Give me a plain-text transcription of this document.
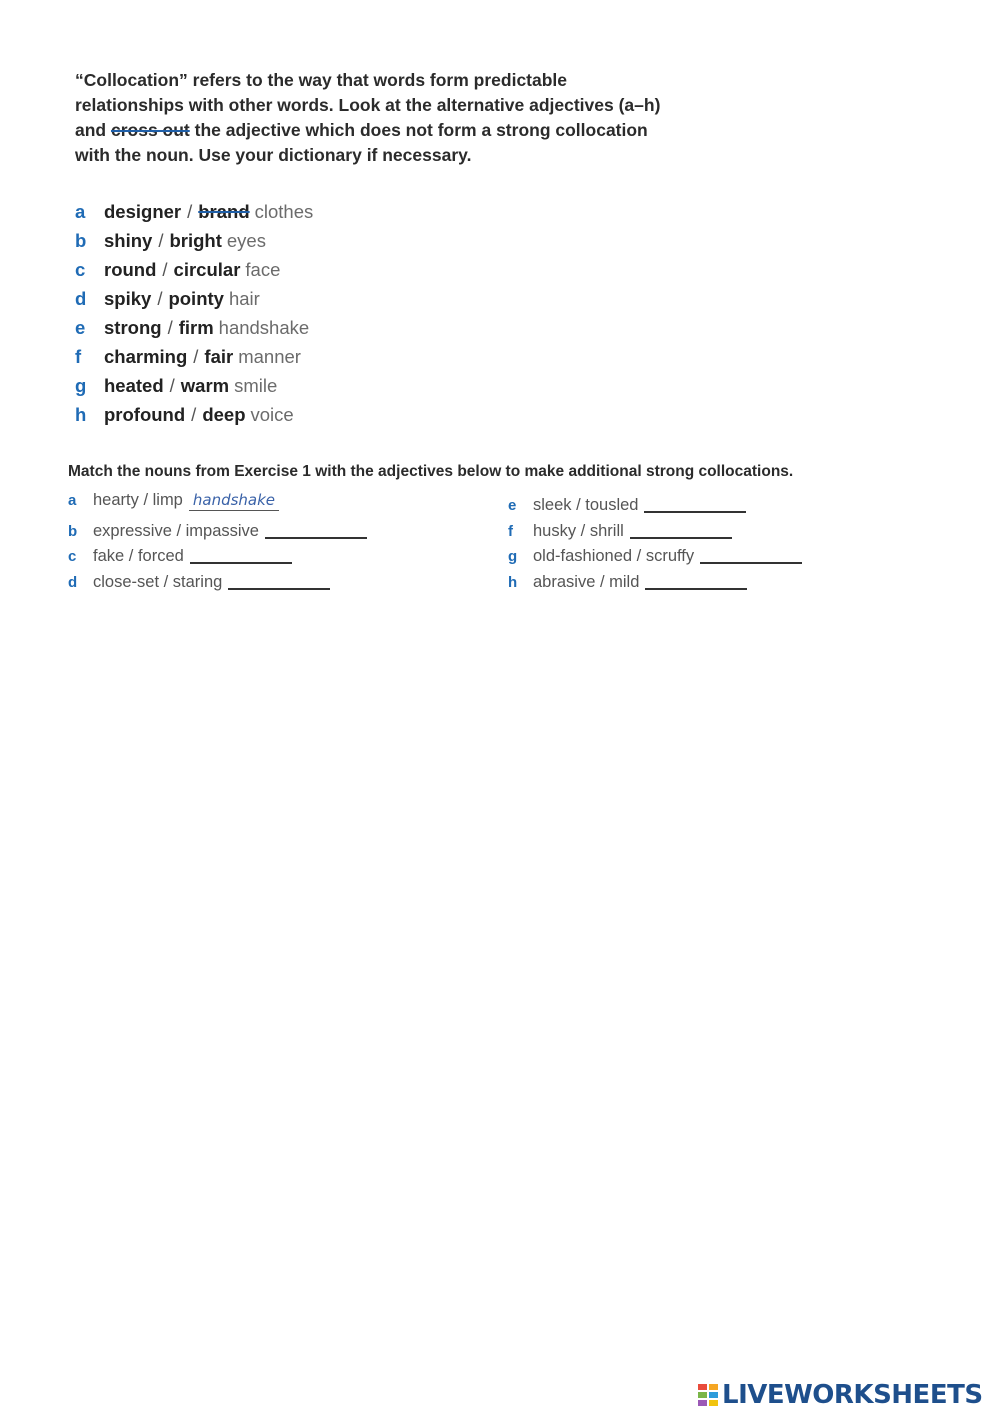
“Collocation” refers to the way that words form predictable relationships with other words. Look at the alternative adjectives (a–h) and cross out the adjective which does not form a strong collocation with the noun. Use your dictionary if necessary.
a	designer / brand clothes
b shiny / bright eyes
c	round / circular face
d spiky / pointy hair
e	strong / firm handshake
f	charming / fair manner
g heated / warm smile
h profound / deep voice
Match the nouns from Exercise 1 with the adjectives below to make additional strong collocations.
a	hearty / limp handshake
b expressive / impassive
c	fake / forced
d close-set / staring
e	sleek / tousled
f	husky / shrill
g old-fashioned / scruffy
h abrasive / mild
LIVEWORKSHEETS
